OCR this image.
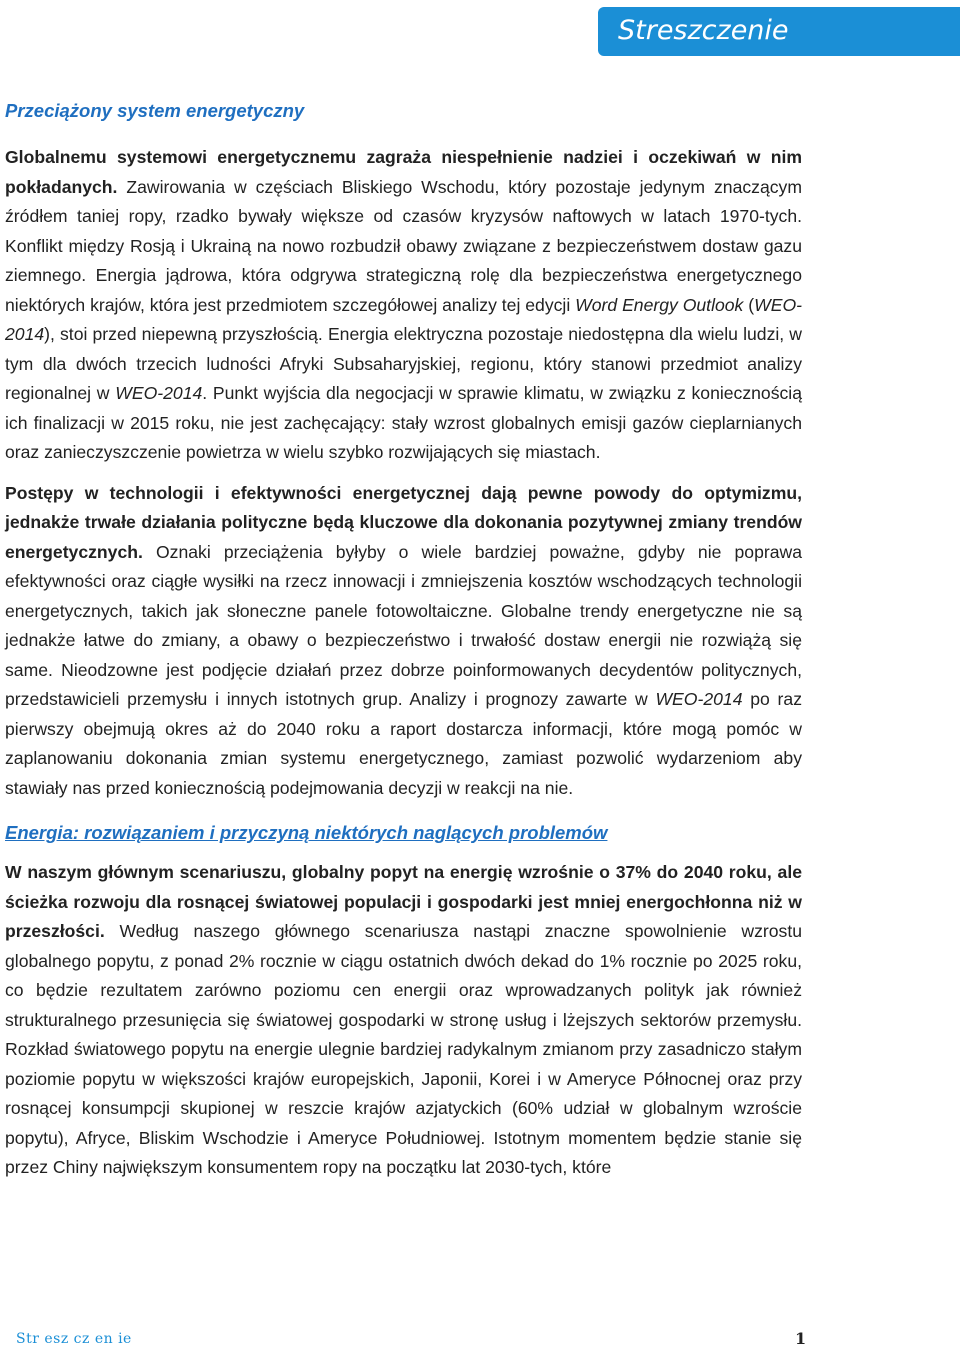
Streszczenie
Przeciążony system energetyczny

Globalnemu systemowi energetycznemu zagraża niespełnienie nadziei i oczekiwań w nim pokładanych. Zawirowania w częściach Bliskiego Wschodu, który pozostaje jedynym znaczącym źródłem taniej ropy, rzadko bywały większe od czasów kryzysów naftowych w latach 1970-tych. Konflikt między Rosją i Ukrainą na nowo rozbudził obawy związane z bezpieczeństwem dostaw gazu ziemnego. Energia jądrowa, która odgrywa strategiczną rolę dla bezpieczeństwa energetycznego niektórych krajów, która jest przedmiotem szczegółowej analizy tej edycji Word Energy Outlook (WEO-2014), stoi przed niepewną przyszłością. Energia elektryczna pozostaje niedostępna dla wielu ludzi, w tym dla dwóch trzecich ludności Afryki Subsaharyjskiej, regionu, który stanowi przedmiot analizy regionalnej w WEO-2014. Punkt wyjścia dla negocjacji w sprawie klimatu, w związku z koniecznością ich finalizacji w 2015 roku, nie jest zachęcający: stały wzrost globalnych emisji gazów cieplarnianych oraz zanieczyszczenie powietrza w wielu szybko rozwijających się miastach.

Postępy w technologii i efektywności energetycznej dają pewne powody do optymizmu, jednakże trwałe działania polityczne będą kluczowe dla dokonania pozytywnej zmiany trendów energetycznych. Oznaki przeciążenia byłyby o wiele bardziej poważne, gdyby nie poprawa efektywności oraz ciągłe wysiłki na rzecz innowacji i zmniejszenia kosztów wschodzących technologii energetycznych, takich jak słoneczne panele fotowoltaiczne. Globalne trendy energetyczne nie są jednakże łatwe do zmiany, a obawy o bezpieczeństwo i trwałość dostaw energii nie rozwiążą się same. Nieodzowne jest podjęcie działań przez dobrze poinformowanych decydentów politycznych, przedstawicieli przemysłu i innych istotnych grup. Analizy i prognozy zawarte w WEO-2014 po raz pierwszy obejmują okres aż do 2040 roku a raport dostarcza informacji, które mogą pomóc w zaplanowaniu dokonania zmian systemu energetycznego, zamiast pozwolić wydarzeniom aby stawiały nas przed koniecznością podejmowania decyzji w reakcji na nie.

Energia: rozwiązaniem i przyczyną niektórych naglących problemów

W naszym głównym scenariuszu, globalny popyt na energię wzrośnie o 37% do 2040 roku, ale ścieżka rozwoju dla rosnącej światowej populacji i gospodarki jest mniej energochłonna niż w przeszłości. Według naszego głównego scenariusza nastąpi znaczne spowolnienie wzrostu globalnego popytu, z ponad 2% rocznie w ciągu ostatnich dwóch dekad do 1% rocznie po 2025 roku, co będzie rezultatem zarówno poziomu cen energii oraz wprowadzanych polityk jak również strukturalnego przesunięcia się światowej gospodarki w stronę usług i lżejszych sektorów przemysłu. Rozkład światowego popytu na energie ulegnie bardziej radykalnym zmianom przy zasadniczo stałym poziomie popytu w większości krajów europejskich, Japonii, Korei i w Ameryce Północnej oraz przy rosnącej konsumpcji skupionej w reszcie krajów azjatyckich (60% udział w globalnym wzroście popytu), Afryce, Bliskim Wschodzie i Ameryce Południowej. Istotnym momentem będzie stanie się przez Chiny największym konsumentem ropy na początku lat 2030-tych, które

Str esz cz en ie	1
